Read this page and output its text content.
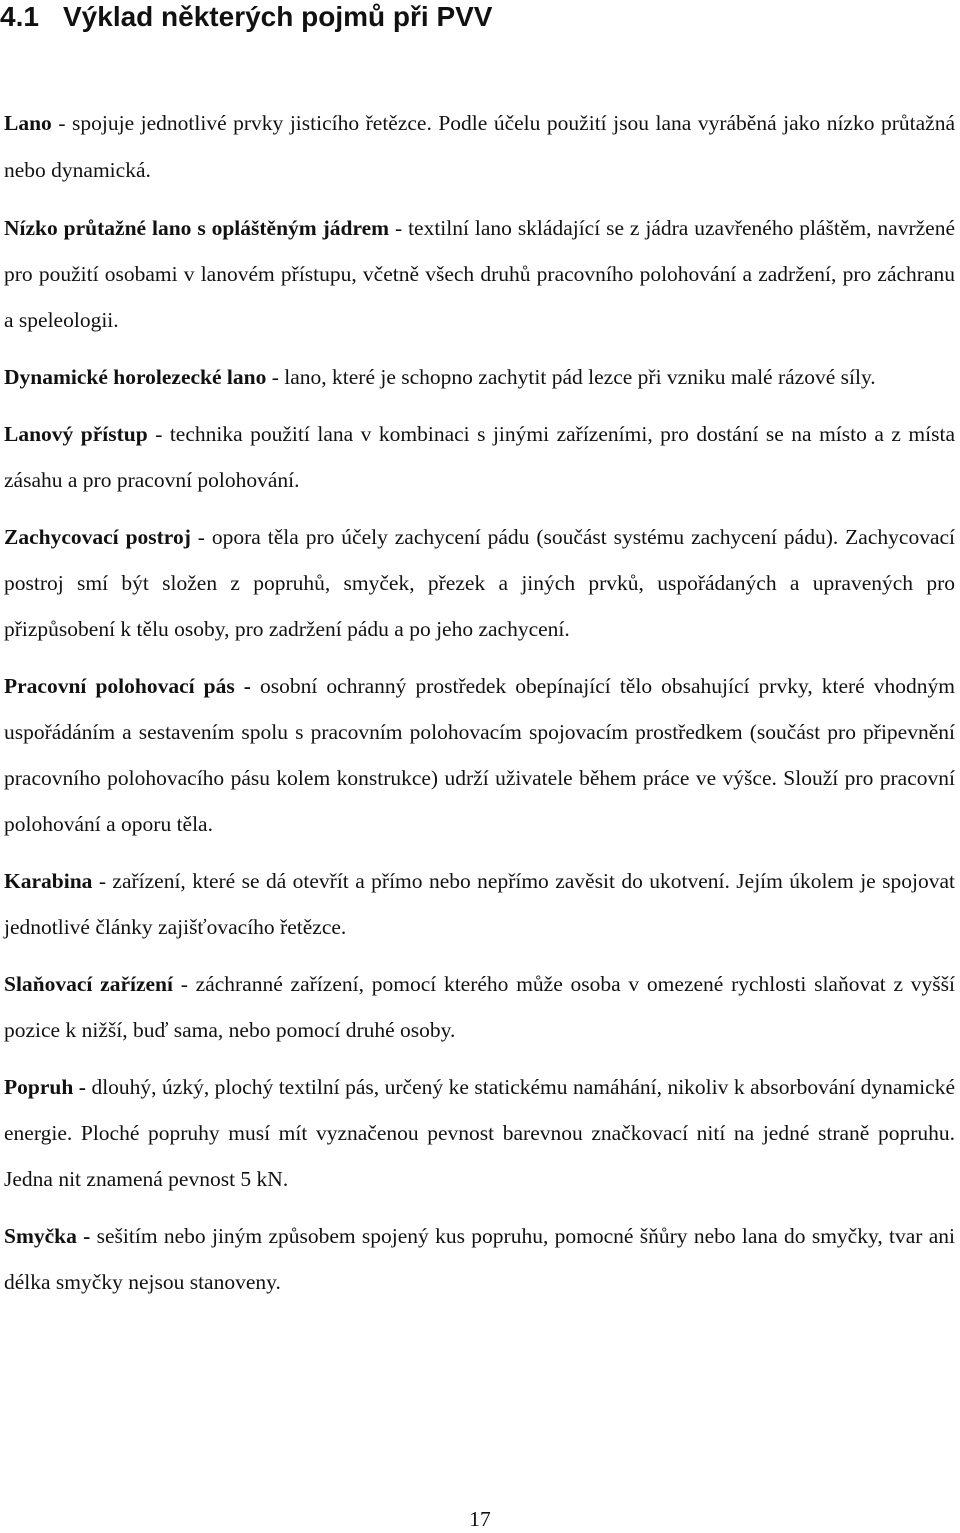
4.1 Výklad některých pojmů při PVV

Lano - spojuje jednotlivé prvky jisticího řetězce. Podle účelu použití jsou lana vyráběná jako nízko průtažná nebo dynamická.

Nízko průtažné lano s opláštěným jádrem - textilní lano skládající se z jádra uzavřeného pláštěm, navržené pro použití osobami v lanovém přístupu, včetně všech druhů pracovního polohování a zadržení, pro záchranu a speleologii.

Dynamické horolezecké lano - lano, které je schopno zachytit pád lezce při vzniku malé rázové síly.

Lanový přístup - technika použití lana v kombinaci s jinými zařízeními, pro dostání se na místo a z místa zásahu a pro pracovní polohování.

Zachycovací postroj - opora těla pro účely zachycení pádu (součást systému zachycení pádu). Zachycovací postroj smí být složen z popruhů, smyček, přezek a jiných prvků, uspořádaných a upravených pro přizpůsobení k tělu osoby, pro zadržení pádu a po jeho zachycení.

Pracovní polohovací pás - osobní ochranný prostředek obepínající tělo obsahující prvky, které vhodným uspořádáním a sestavením spolu s pracovním polohovacím spojovacím prostředkem (součást pro připevnění pracovního polohovacího pásu kolem konstrukce) udrží uživatele během práce ve výšce. Slouží pro pracovní polohování a oporu těla.

Karabina - zařízení, které se dá otevřít a přímo nebo nepřímo zavěsit do ukotvení. Jejím úkolem je spojovat jednotlivé články zajišťovacího řetězce.

Slaňovací zařízení - záchranné zařízení, pomocí kterého může osoba v omezené rychlosti slaňovat z vyšší pozice k nižší, buď sama, nebo pomocí druhé osoby.

Popruh - dlouhý, úzký, plochý textilní pás, určený ke statickému namáhání, nikoliv k absorbování dynamické energie. Ploché popruhy musí mít vyznačenou pevnost barevnou značkovací nití na jedné straně popruhu. Jedna nit znamená pevnost 5 kN.

Smyčka - sešitím nebo jiným způsobem spojený kus popruhu, pomocné šňůry nebo lana do smyčky, tvar ani délka smyčky nejsou stanoveny.

17
